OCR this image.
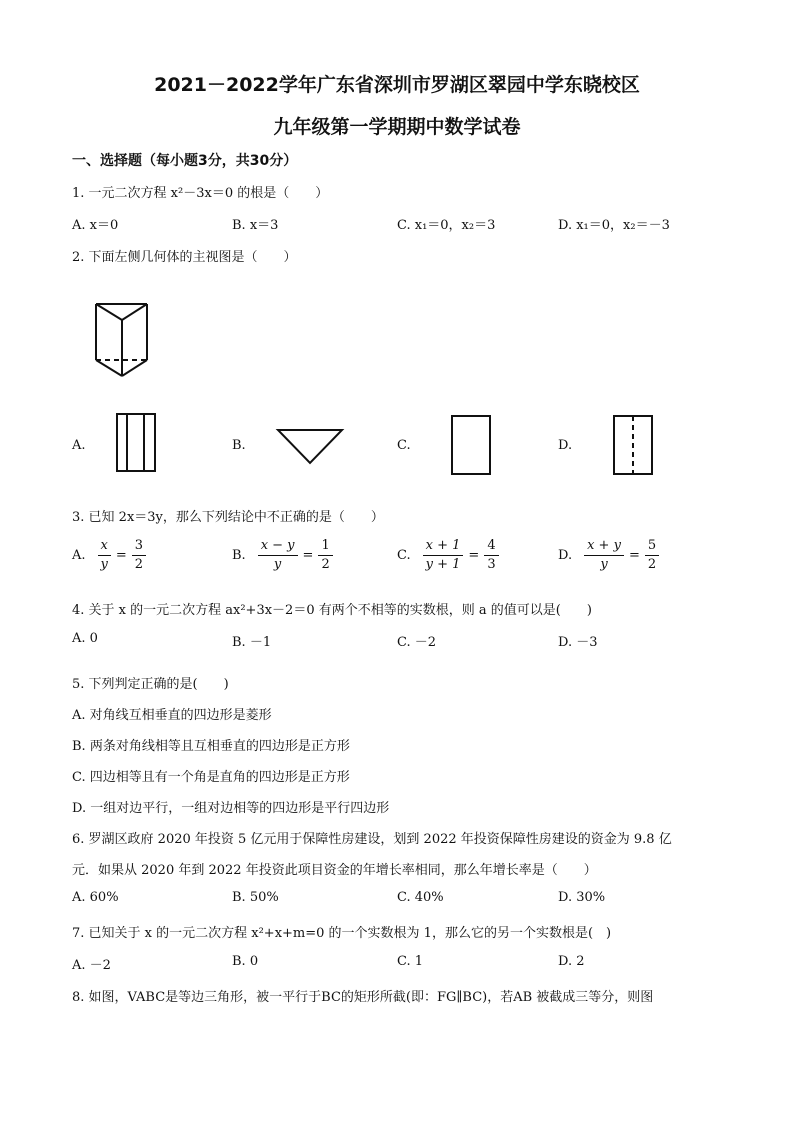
2021－2022学年广东省深圳市罗湖区翠园中学东晓校区
九年级第一学期期中数学试卷
一、选择题（每小题3分，共30分）
1. 一元二次方程 x²－3x＝0 的根是（　　）
A. x＝0	B. x＝3	C. x₁＝0，x₂＝3	D. x₁＝0，x₂＝－3
2. 下面左侧几何体的主视图是（　　）
A.	B.	C.	D.
3. 已知 2x＝3y，那么下列结论中不正确的是（　　）
A. $\frac{x}{y} = \frac{3}{2}$	B. $\frac{x - y}{y} = \frac{1}{2}$	C. $\frac{x + 1}{y + 1} = \frac{4}{3}$	D. $\frac{x + y}{y} = \frac{5}{2}$
4. 关于 x 的一元二次方程 ax²+3x－2＝0 有两个不相等的实数根，则 a 的值可以是(　　)
A. 0	B. －1	C. －2	D. －3
5. 下列判定正确的是(　　)
A. 对角线互相垂直的四边形是菱形
B. 两条对角线相等且互相垂直的四边形是正方形
C. 四边相等且有一个角是直角的四边形是正方形
D. 一组对边平行，一组对边相等的四边形是平行四边形
6. 罗湖区政府 2020 年投资 5 亿元用于保障性房建设，划到 2022 年投资保障性房建设的资金为 9.8 亿
元．如果从 2020 年到 2022 年投资此项目资金的年增长率相同，那么年增长率是（　　）
A. 60%	B. 50%	C. 40%	D. 30%
7. 已知关于 x 的一元二次方程 x²+x+m=0 的一个实数根为 1，那么它的另一个实数根是(　)
A. －2	B. 0	C. 1	D. 2
8. 如图，VABC是等边三角形，被一平行于BC的矩形所截(即：FG∥BC)，若AB 被截成三等分，则图
